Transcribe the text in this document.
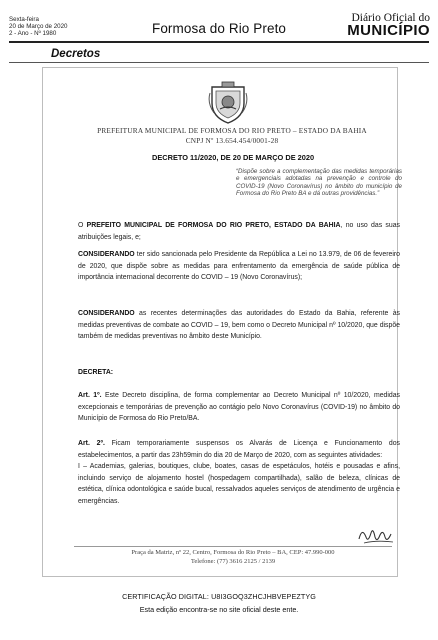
Sexta-feira
20 de Março de 2020
2 - Ano - Nº 1980	Formosa do Rio Preto
Diário Oficial do
MUNICÍPIO
Decretos
PREFEITURA MUNICIPAL DE FORMOSA DO RIO PRETO – ESTADO DA BAHIA
CNPJ Nº 13.654.454/0001-28
DECRETO 11/2020, DE 20 DE MARÇO DE 2020
“Dispõe sobre a complementação das medidas temporárias e emergenciais adotadas na prevenção e controle do COVID-19 (Novo Coronavírus) no âmbito do município de Formosa do Rio Preto BA e dá outras providências.”
O PREFEITO MUNICIPAL DE FORMOSA DO RIO PRETO, ESTADO DA BAHIA, no uso das suas atribuições legais, e;
CONSIDERANDO ter sido sancionada pelo Presidente da República a Lei no 13.979, de 06 de fevereiro de 2020, que dispõe sobre as medidas para enfrentamento da emergência de saúde pública de importância internacional decorrente do COVID – 19 (Novo Coronavírus);
CONSIDERANDO as recentes determinações das autoridades do Estado da Bahia, referente às medidas preventivas de combate ao COVID – 19, bem como o Decreto Municipal nº 10/2020, que dispõe também de medidas preventivas no âmbito deste Município.
DECRETA:
Art. 1º. Este Decreto disciplina, de forma complementar ao Decreto Municipal nº 10/2020, medidas excepcionais e temporárias de prevenção ao contágio pelo Novo Coronavírus (COVID-19) no âmbito do Município de Formosa do Rio Preto/BA.
Art. 2º. Ficam temporariamente suspensos os Alvarás de Licença e Funcionamento dos estabelecimentos, a partir das 23h59min do dia 20 de Março de 2020, com as seguintes atividades:
I – Academias, galerias, boutiques, clube, boates, casas de espetáculos, hotéis e pousadas e afins, incluindo serviço de alojamento hostel (hospedagem compartilhada), salão de beleza, clínicas de estética, clínica odontológica e saúde bucal, ressalvados aqueles serviços de atendimento de urgência e emergências.
Praça da Matriz, nº 22, Centro, Formosa do Rio Preto – BA, CEP: 47.990-000
Telefone: (77) 3616 2125 / 2139
CERTIFICAÇÃO DIGITAL: U8I3GOQ3ZHCJHBVEPEZTYG
Esta edição encontra-se no site oficial deste ente.
